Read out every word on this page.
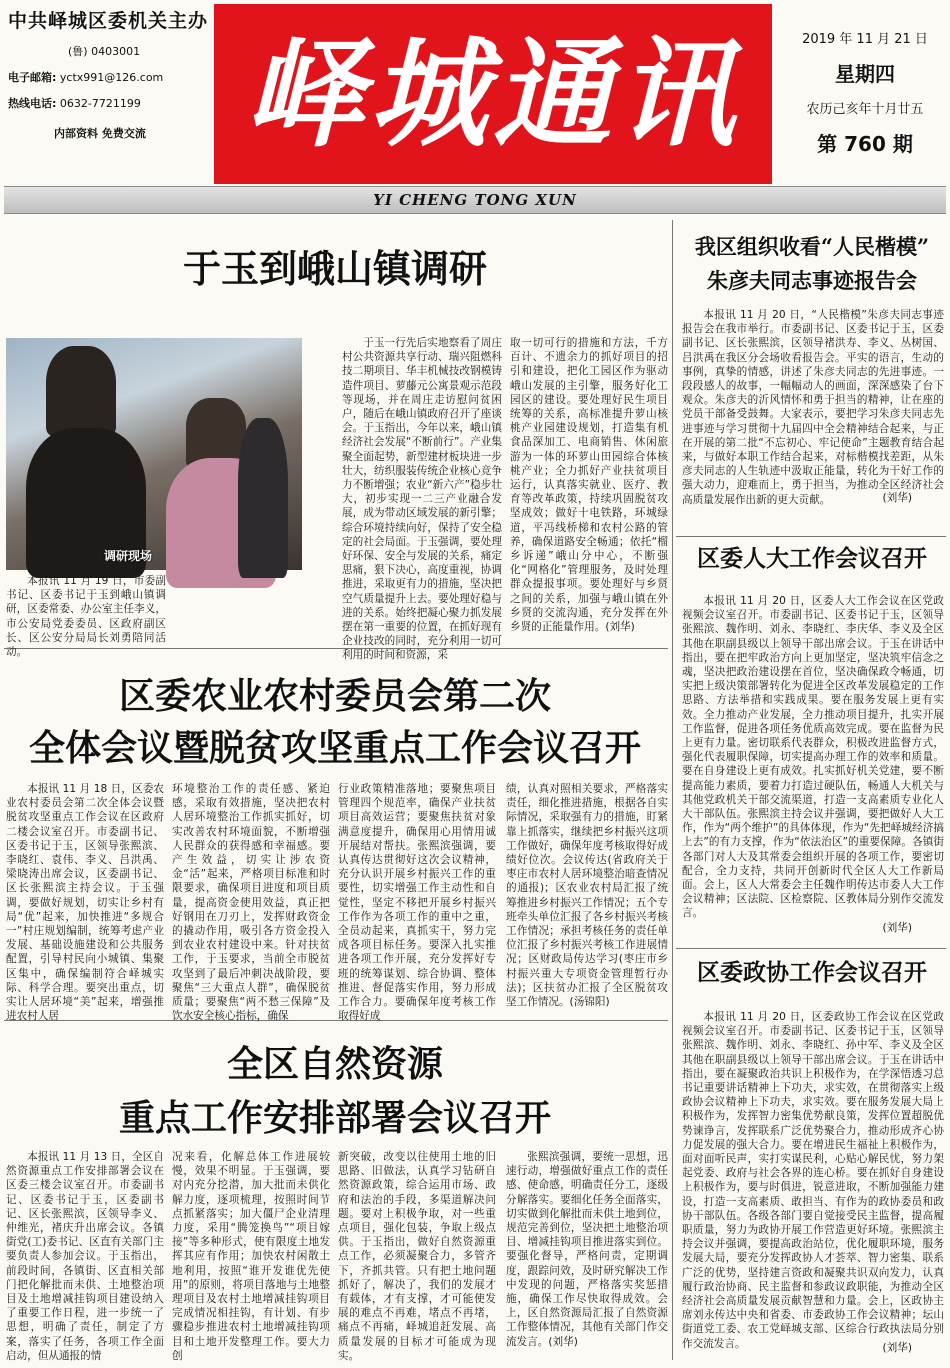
中共峄城区委机关主办
(鲁) 0403001
电子邮箱: yctx991@126.com
热线电话: 0632-7721199
内部资料 免费交流 峄城通讯	2019 年 11 月 21 日
星期四
农历己亥年十月廿五
第 760 期
YI CHENG TONG XUN
于玉到峨山镇调研
调研现场
本报讯 11 月 19 日，市委副书记、区委书记于玉到峨山镇调研，区委常委、办公室主任李义，市公安局党委委员、区政府副区长、区公安分局局长刘勇陪同活动。
于玉一行先后实地察看了周庄村公共资源共享行动、瑞兴阻燃科技二期项目、华丰机械技改钢模铸造件项目、萝藤元公寓景观示范段等现场，并在周庄走访慰问贫困户，随后在峨山镇政府召开了座谈会。于玉指出，今年以来，峨山镇经济社会发展“不断前行”。产业集聚全面起势，新型建材板块进一步壮大，纺织服装传统企业核心竞争力不断增强；农业“新六产”稳步壮大，初步实现一二三产业融合发展，成为带动区域发展的新引擎；综合环境持续向好，保持了安全稳定的社会局面。于玉强调，要处理好环保、安全与发展的关系，痛定思痛，狠下决心，高度重视，协调推进，采取更有力的措施，坚决把空气质量提升上去。要处理好稳与进的关系。始终把凝心聚力抓发展摆在第一重要的位置，在抓好现有企业技改的同时，充分利用一切可利用的时间和资源，采
取一切可行的措施和方法，千方百计、不遗余力的抓好项目的招引和建设，把化工园区作为驱动峨山发展的主引擎，服务好化工园区的建设。要处理好民生项目统筹的关系，高标准提升萝山核桃产业园建设规划，打造集有机食品深加工、电商销售、休闲旅游为一体的环萝山田园综合体核桃产业；全力抓好产业扶贫项目运行，认真落实就业、医疗、教育等改革政策，持续巩固脱贫攻坚成效；做好十电铁路，环城绿道，平冯线桥梯和农村公路的管养，确保道路安全畅通；依托“榴乡诉递”峨山分中心，不断强化“网格化”管理服务，及时处理群众提报事项。要处理好与乡贤之间的关系，加强与峨山镇在外乡贤的交流沟通，充分发挥在外乡贤的正能量作用。(刘华)
区委农业农村委员会第二次
全体会议暨脱贫攻坚重点工作会议召开
本报讯 11 月 18 日，区委农业农村委员会第二次全体会议暨脱贫攻坚重点工作会议在区政府二楼会议室召开。市委副书记、区委书记于玉，区领导张熙滨、李晓红、袁伟、李义、吕洪禹、梁晓涛出席会议，区委副书记、区长张熙滨主持会议。于玉强调，要做好规划，切实让乡村有局“优”起来，加快推进“多规合一”村庄规划编制，统筹考虑产业发展、基础设施建设和公共服务配置，引导村民向小城镇、集聚区集中，确保编制符合峄城实际、科学合理。要突出重点，切实让人居环境“美”起来，增强推进农村人居
环境整治工作的责任感、紧迫感，采取有效措施，坚决把农村人居环境整治工作抓实抓好，切实改善农村环境面貌，不断增强人民群众的获得感和幸福感。要产生效益，切实让涉农资金“活”起来，严格项目标准和时限要求，确保项目进度和项目质量，提高资金使用效益，真正把好钢用在刀刃上，发挥财政资金的撬动作用，吸引各方资金投入到农业农村建设中来。针对扶贫工作，于玉要求，当前全市脱贫攻坚到了最后冲刺决战阶段，要聚焦“三大重点人群”，确保脱贫质量；要聚焦“两不愁三保障”及饮水安全核心指标，确保
行业政策精准落地；要聚焦项目管理四个规范率，确保产业扶贫项目高效运营；要聚焦扶贫对象满意度提升，确保用心用情用诚开展结对帮扶。张熙滨强调，要认真传达贯彻好这次会议精神，充分认识开展乡村振兴工作的重要性，切实增强工作主动性和自觉性，坚定不移把开展乡村振兴工作作为各项工作的重中之重，全员动起来，真抓实干，努力完成各项目标任务。要深入扎实推进各项工作开展，充分发挥好专班的统筹谋划、综合协调、整体推进、督促落实作用，努力形成工作合力。要确保年度考核工作取得好成
绩，认真对照相关要求，严格落实责任，细化推进措施，根据各自实际情况，采取强有力的措施，盯紧靠上抓落实，继续把乡村振兴这项工作做好，确保年度考核取得好成绩好位次。会议传达(省政府关于枣庄市农村人居环境整治暗查情况的通报)；区农业农村局汇报了统筹推进乡村振兴工作情况；五个专班牵头单位汇报了各乡村振兴考核工作情况；承担考核任务的责任单位汇报了乡村振兴考核工作进展情况；区财政局传达学习(枣庄市乡村振兴重大专项资金管理暂行办法)；区扶贫办汇报了全区脱贫攻坚工作情况。(汤锦阳)
全区自然资源
重点工作安排部署会议召开
本报讯 11 月 13 日，全区自然资源重点工作安排部署会议在区委三楼会议室召开。市委副书记、区委书记于玉，区委副书记、区长张熙滨，区领导李义、仲维光，褚庆升出席会议。各镇街党(工)委书记、区直有关部门主要负责人参加会议。于玉指出，前段时间，各镇街、区直相关部门把化解批而未供、土地整治项目及土地增减挂钩项目建设纳入了重要工作日程，进一步统一了思想，明确了责任，制定了方案，落实了任务，各项工作全面启动，但从通报的情
况来看，化解总体工作进展较慢，效果不明显。于玉强调，要对内充分挖潜，加大批而未供化解力度，逐项梳理，按照时间节点抓紧落实；加大僵尸企业清理力度，采用“腾笼换鸟”“项目嫁接”等多种形式，使有限度土地发挥其应有作用；加快农村闲散土地利用，按照“谁开发谁优先使用”的原则，将项目落地与土地整理项目及农村土地增减挂钩项目完成情况相挂钩，有计划、有步骤稳步推进农村土地增减挂钩项目和土地开发整理工作。要大力创
新突破，改变以往使用土地的旧思路、旧做法，认真学习钻研自然资源政策，综合运用市场、政府和法治的手段，多渠道解决问题。要对上积极争取，对一些重点项目，强化包装，争取上级点供。于玉指出，做好自然资源重点工作，必须凝聚合力，多管齐下，齐抓共管。只有把土地问题抓好了，解决了，我们的发展才有载体，才有支撑，才可能使发展的难点不再难，堵点不再堵，痛点不再痛，峄城追赶发展、高质量发展的目标才可能成为现实。
张熙滨强调，要统一思想，迅速行动，增强做好重点工作的责任感、使命感，明确责任分工，逐级分解落实。要细化任务全面落实，切实做到化解批而未供土地到位，规范完善到位，坚决把土地整治项目、增减挂钩项目推进落实到位。要强化督导，严格问责，定期调度，跟踪问效，及时研究解决工作中发现的问题，严格落实奖惩措施，确保工作尽快取得成效。会上，区自然资源局汇报了自然资源工作整体情况，其他有关部门作交流发言。(刘华)
我区组织收看“人民楷模”
朱彦夫同志事迹报告会
本报讯 11 月 20 日，“人民楷模”朱彦夫同志事迹报告会在我市举行。市委副书记、区委书记于玉，区委副书记、区长张熙滨，区领导褚洪寿、李义、丛树国、吕洪禹在我区分会场收看报告会。平实的语言，生动的事例，真挚的情感，讲述了朱彦夫同志的先进事迹。一段段感人的故事，一幅幅动人的画面，深深感染了台下观众。朱彦夫的沂风情怀和勇于担当的精神，让在座的党员干部备受鼓舞。大家表示，要把学习朱彦夫同志先进事迹与学习贯彻十九届四中全会精神结合起来，与正在开展的第二批“不忘初心、牢记使命”主题教育结合起来，与做好本职工作结合起来，对标楷模找差距，从朱彦夫同志的人生轨迹中汲取正能量，转化为干好工作的强大动力，迎难而上，勇于担当，为推动全区经济社会高质量发展作出新的更大贡献。	(刘华)
区委人大工作会议召开
本报讯 11 月 20 日，区委人大工作会议在区党政视频会议室召开。市委副书记、区委书记于玉，区领导张熙滨、魏作明、刘永、李晓红、李庆华、李义及全区其他在职副县级以上领导干部出席会议。于玉在讲话中指出，要在把牢政治方向上更加坚定，坚决筑牢信念之魂，坚决把政治建设摆在首位，坚决确保政令畅通，切实把上级决策部署转化为促进全区改革发展稳定的工作思路、方法举措和实践成果。要在服务发展上更有实效。全力推动产业发展，全力推动项目提升，扎实开展工作监督，促进各项任务优质高效完成。要在监督为民上更有力量。密切联系代表群众，积极改进监督方式，强化代表履职保障，切实提高办理工作的效率和质量。要在自身建设上更有成效。扎实抓好机关党建，要不断提高能力素质，要着力打造过硬队伍，畅通人大机关与其他党政机关干部交流渠道，打造一支高素质专业化人大干部队伍。张熙滨主持会议并强调，要把做好人大工作，作为“两个维护”的具体体现，作为“先把峄城经济搞上去”的有力支撑，作为“依法治区”的重要保障。各镇街各部门对人大及其常委会组织开展的各项工作，要密切配合，全力支持，共同开创新时代全区人大工作新局面。会上，区人大常委会主任魏作明传达市委人大工作会议精神；区法院、区检察院、区教体局分别作交流发言。
(刘华)
区委政协工作会议召开
本报讯 11 月 20 日，区委政协工作会议在区党政视频会议室召开。市委副书记、区委书记于玉，区领导张熙滨、魏作明、刘永、李晓红、孙中军、李义及全区其他在职副县级以上领导干部出席会议。于玉在讲话中指出，要在凝聚政治共识上积极作为，在学深悟透习总书记重要讲话精神上下功夫，求实效，在贯彻落实上级政协会议精神上下功夫，求实效。要在服务发展大局上积极作为，发挥智力密集优势献良策，发挥位置超脱优势谏诤言，发挥联系广泛优势聚合力，推动形成齐心协力促发展的强大合力。要在增进民生福祉上积极作为，面对面听民声，实打实谋民利，心贴心解民忧，努力架起党委、政府与社会各界的连心桥。要在抓好自身建设上积极作为，要与时俱进，锐意进取，不断加强能力建设，打造一支高素质、敢担当、有作为的政协委员和政协干部队伍。各级各部门要自觉接受民主监督，提高履职质量，努力为政协开展工作营造更好环境。张熙滨主持会议并强调，要提高政治站位，优化履职环境，服务发展大局，要充分发挥政协人才荟萃、智力密集、联系广泛的优势，坚持建言资政和凝聚共识双向发力，认真履行政治协商、民主监督和参政议政职能，为推动全区经济社会高质量发展贡献智慧和力量。会上，区政协主席刘永传达中央和省委、市委政协工作会议精神；坛山街道党工委、农工党峄城支部、区综合行政执法局分别作交流发言。	(刘华)
